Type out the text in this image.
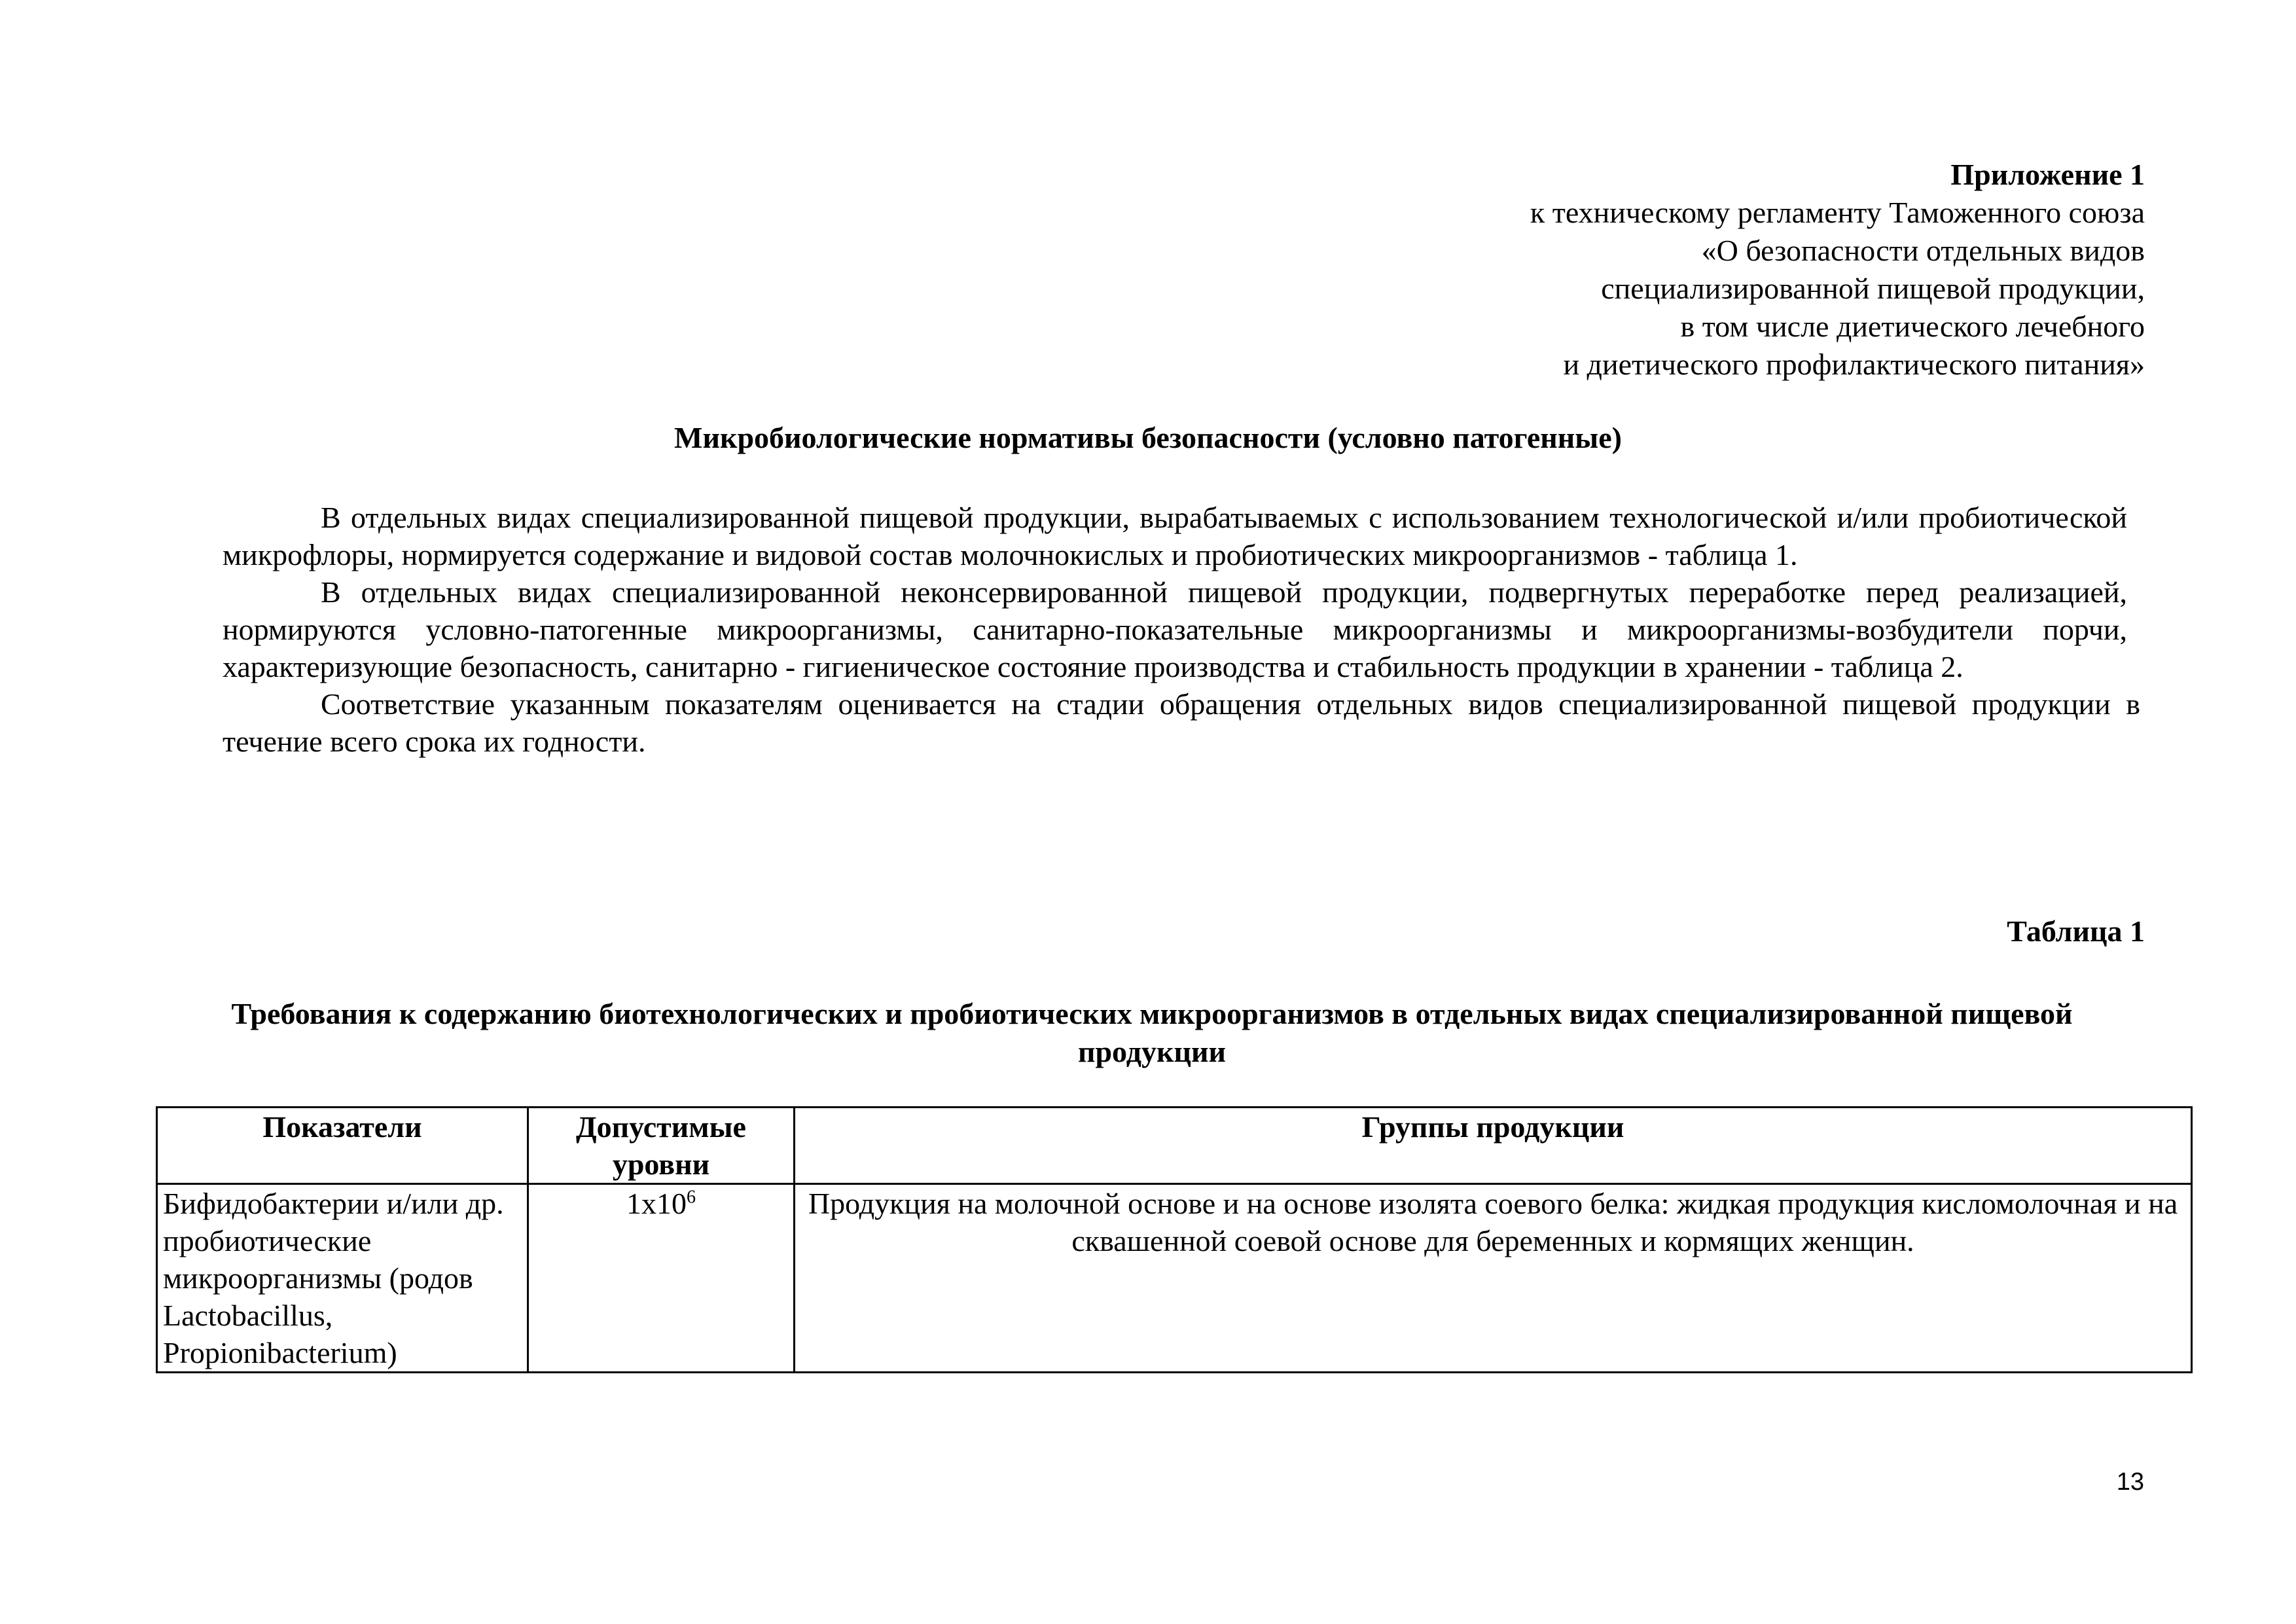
Приложение 1
к техническому регламенту Таможенного союза
«О безопасности отдельных видов
специализированной пищевой продукции,
в том числе диетического лечебного
и диетического профилактического питания»
Микробиологические нормативы безопасности (условно патогенные)

В отдельных видах специализированной пищевой продукции, вырабатываемых с использованием технологической и/или пробиотической микрофлоры, нормируется содержание и видовой состав молочнокислых и пробиотических микроорганизмов - таблица 1.

В отдельных видах специализированной неконсервированной пищевой продукции, подвергнутых переработке перед реализацией, нормируются условно-патогенные микроорганизмы, санитарно-показательные микроорганизмы и микроорганизмы-возбудители порчи, характеризующие безопасность, санитарно - гигиеническое состояние производства и стабильность продукции в хранении - таблица 2.

Соответствие указанным показателям оценивается на стадии обращения отдельных видов специализированной пищевой продукции в течение всего срока их годности.

Таблица 1
Требования к содержанию биотехнологических и пробиотических микроорганизмов в отдельных видах специализированной пищевой продукции
Показатели	Допустимые уровни	Группы продукции
Бифидобактерии и/или др. пробиотические микроорганизмы (родов Lactobacillus, Propionibacterium)	$1x10^6$	Продукция на молочной основе и на основе изолята соевого белка: жидкая продукция кисломолочная и на сквашенной соевой основе для беременных и кормящих женщин.
13
